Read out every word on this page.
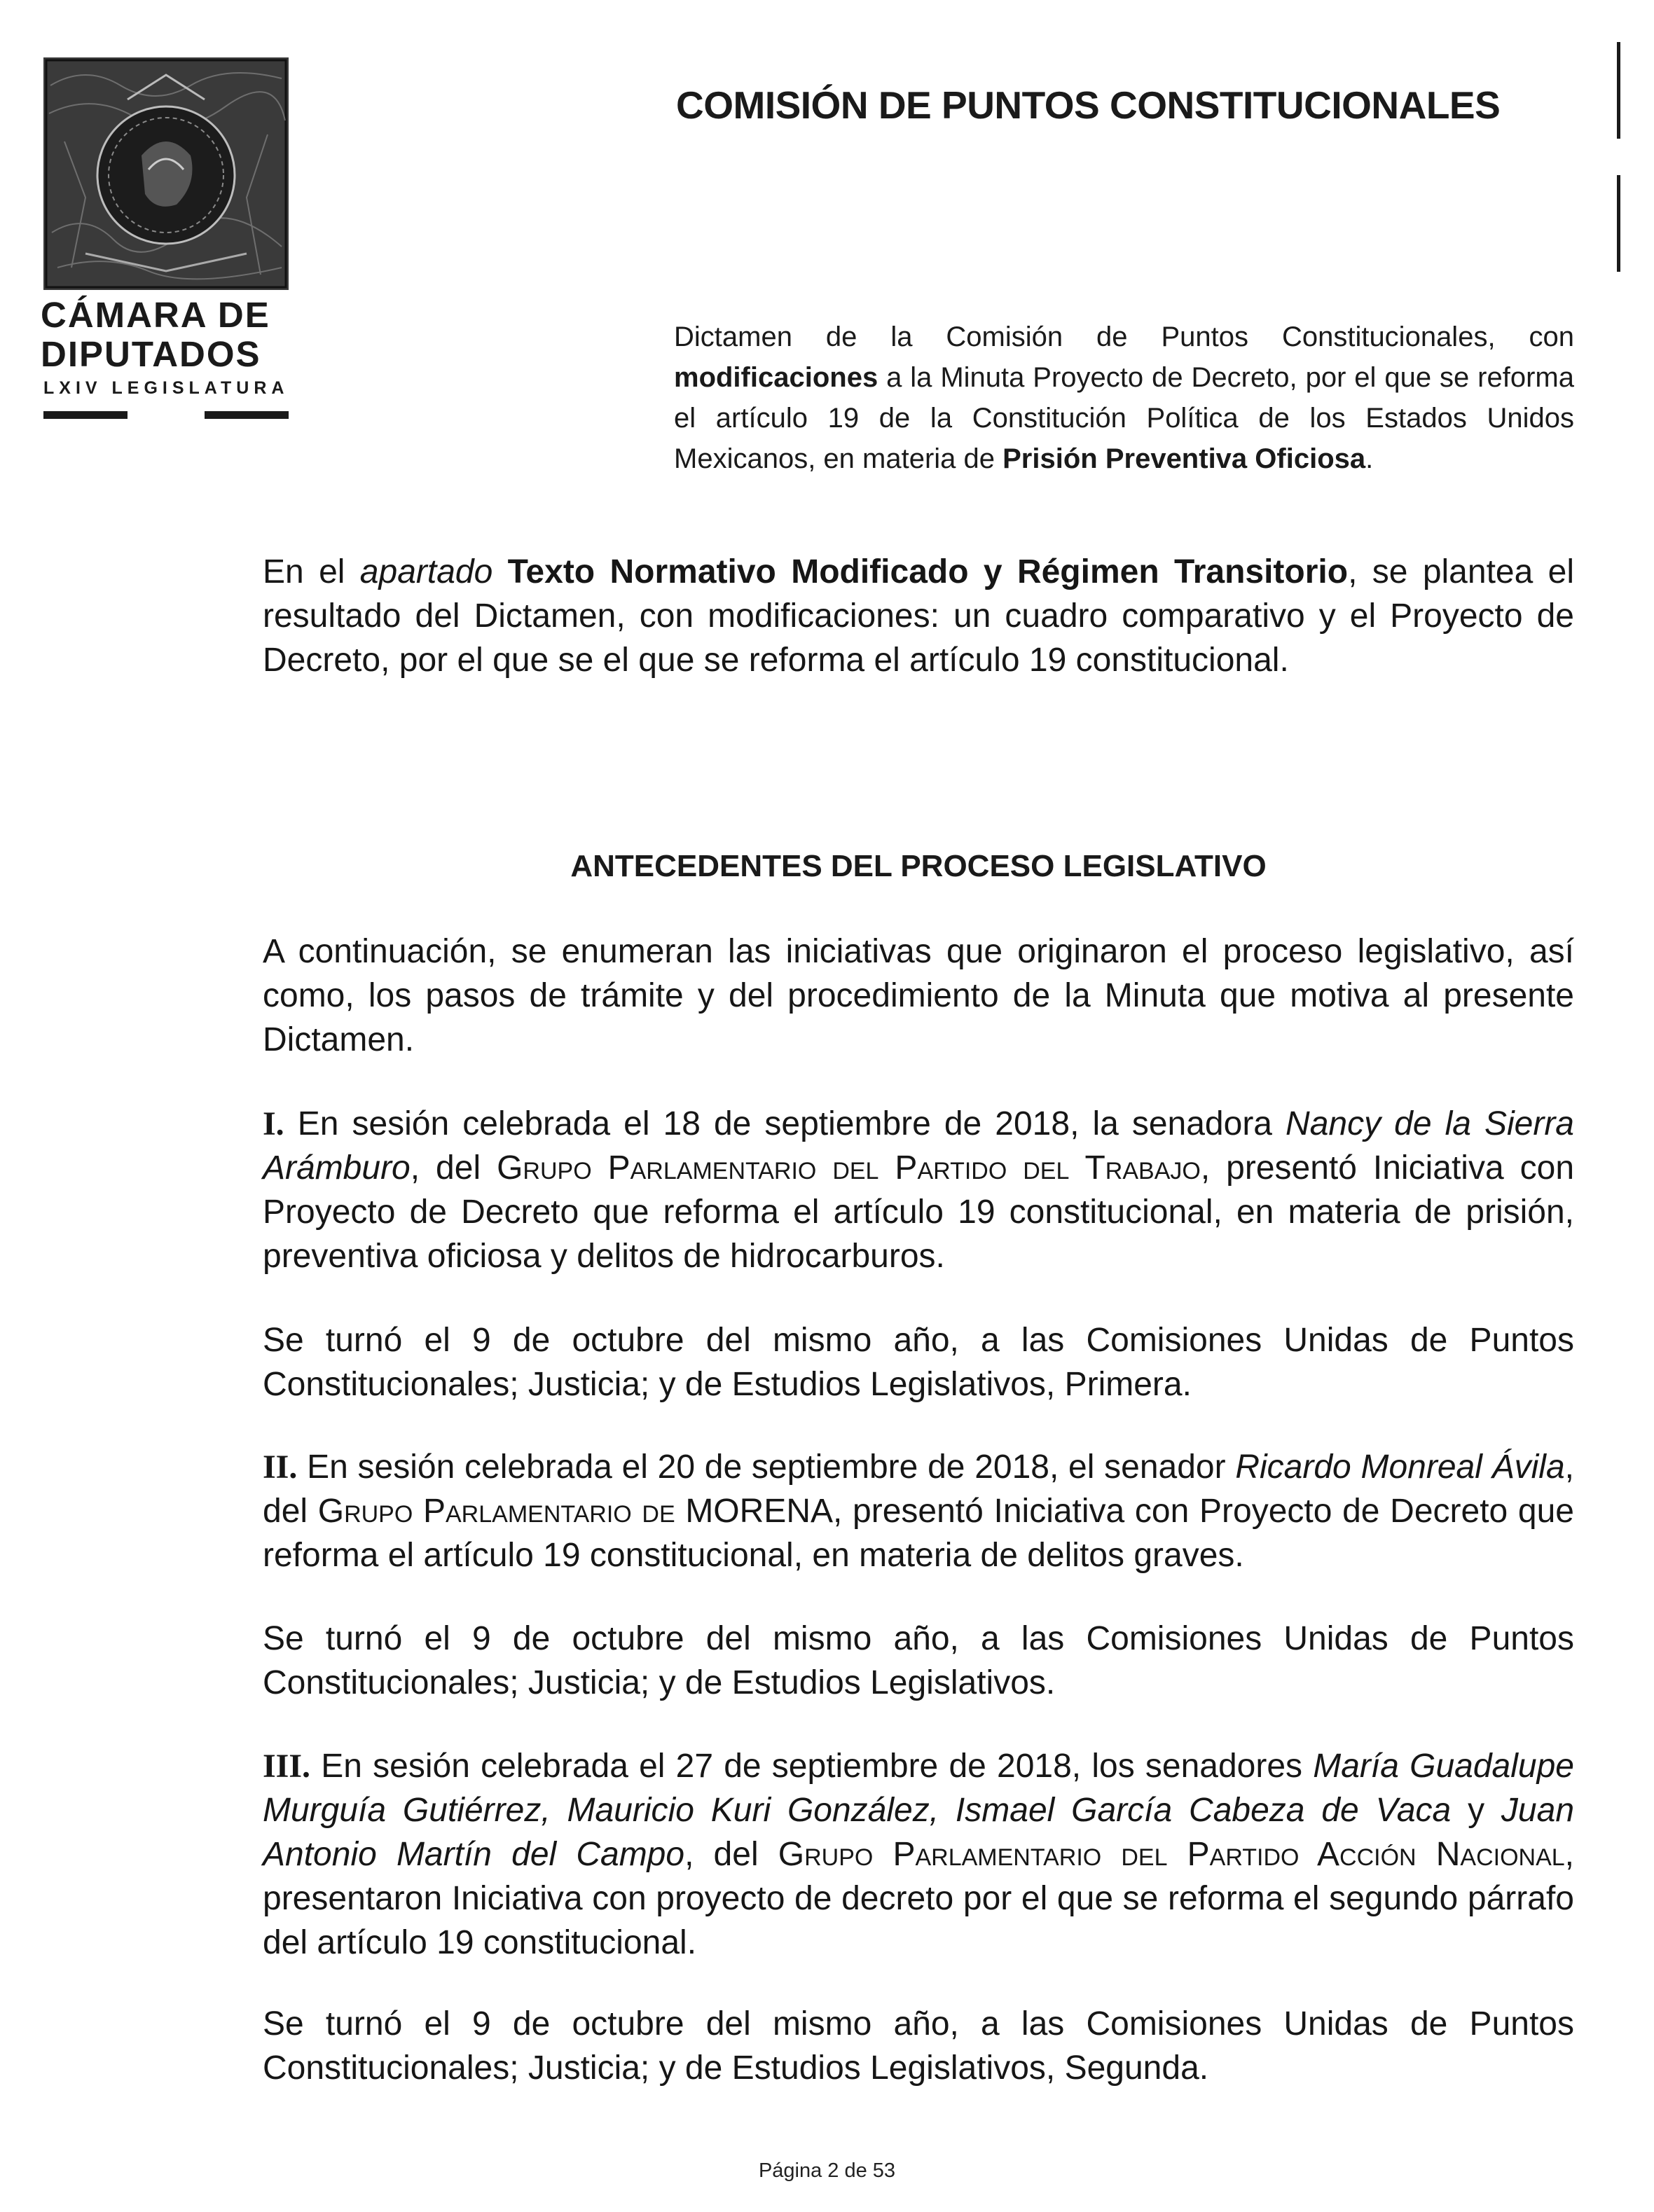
CÁMARA DE
DIPUTADOS
LXIV LEGISLATURA
COMISIÓN DE PUNTOS CONSTITUCIONALES
Dictamen de la Comisión de Puntos Constitucionales, con modificaciones a la Minuta Proyecto de Decreto, por el que se reforma el artículo 19 de la Constitución Política de los Estados Unidos Mexicanos, en materia de Prisión Preventiva Oficiosa.

En el apartado Texto Normativo Modificado y Régimen Transitorio, se plantea el resultado del Dictamen, con modificaciones: un cuadro comparativo y el Proyecto de Decreto, por el que se el que se reforma el artículo 19 constitucional.

ANTECEDENTES DEL PROCESO LEGISLATIVO

A continuación, se enumeran las iniciativas que originaron el proceso legislativo, así como, los pasos de trámite y del procedimiento de la Minuta que motiva al presente Dictamen.

I. En sesión celebrada el 18 de septiembre de 2018, la senadora Nancy de la Sierra Arámburo, del Grupo Parlamentario del Partido del Trabajo, presentó Iniciativa con Proyecto de Decreto que reforma el artículo 19 constitucional, en materia de prisión, preventiva oficiosa y delitos de hidrocarburos.

Se turnó el 9 de octubre del mismo año, a las Comisiones Unidas de Puntos Constitucionales; Justicia; y de Estudios Legislativos, Primera.

II. En sesión celebrada el 20 de septiembre de 2018, el senador Ricardo Monreal Ávila, del Grupo Parlamentario de MORENA, presentó Iniciativa con Proyecto de Decreto que reforma el artículo 19 constitucional, en materia de delitos graves.

Se turnó el 9 de octubre del mismo año, a las Comisiones Unidas de Puntos Constitucionales; Justicia; y de Estudios Legislativos.

III. En sesión celebrada el 27 de septiembre de 2018, los senadores María Guadalupe Murguía Gutiérrez, Mauricio Kuri González, Ismael García Cabeza de Vaca y Juan Antonio Martín del Campo, del Grupo Parlamentario del Partido Acción Nacional, presentaron Iniciativa con proyecto de decreto por el que se reforma el segundo párrafo del artículo 19 constitucional.

Se turnó el 9 de octubre del mismo año, a las Comisiones Unidas de Puntos Constitucionales; Justicia; y de Estudios Legislativos, Segunda.

Página 2 de 53
